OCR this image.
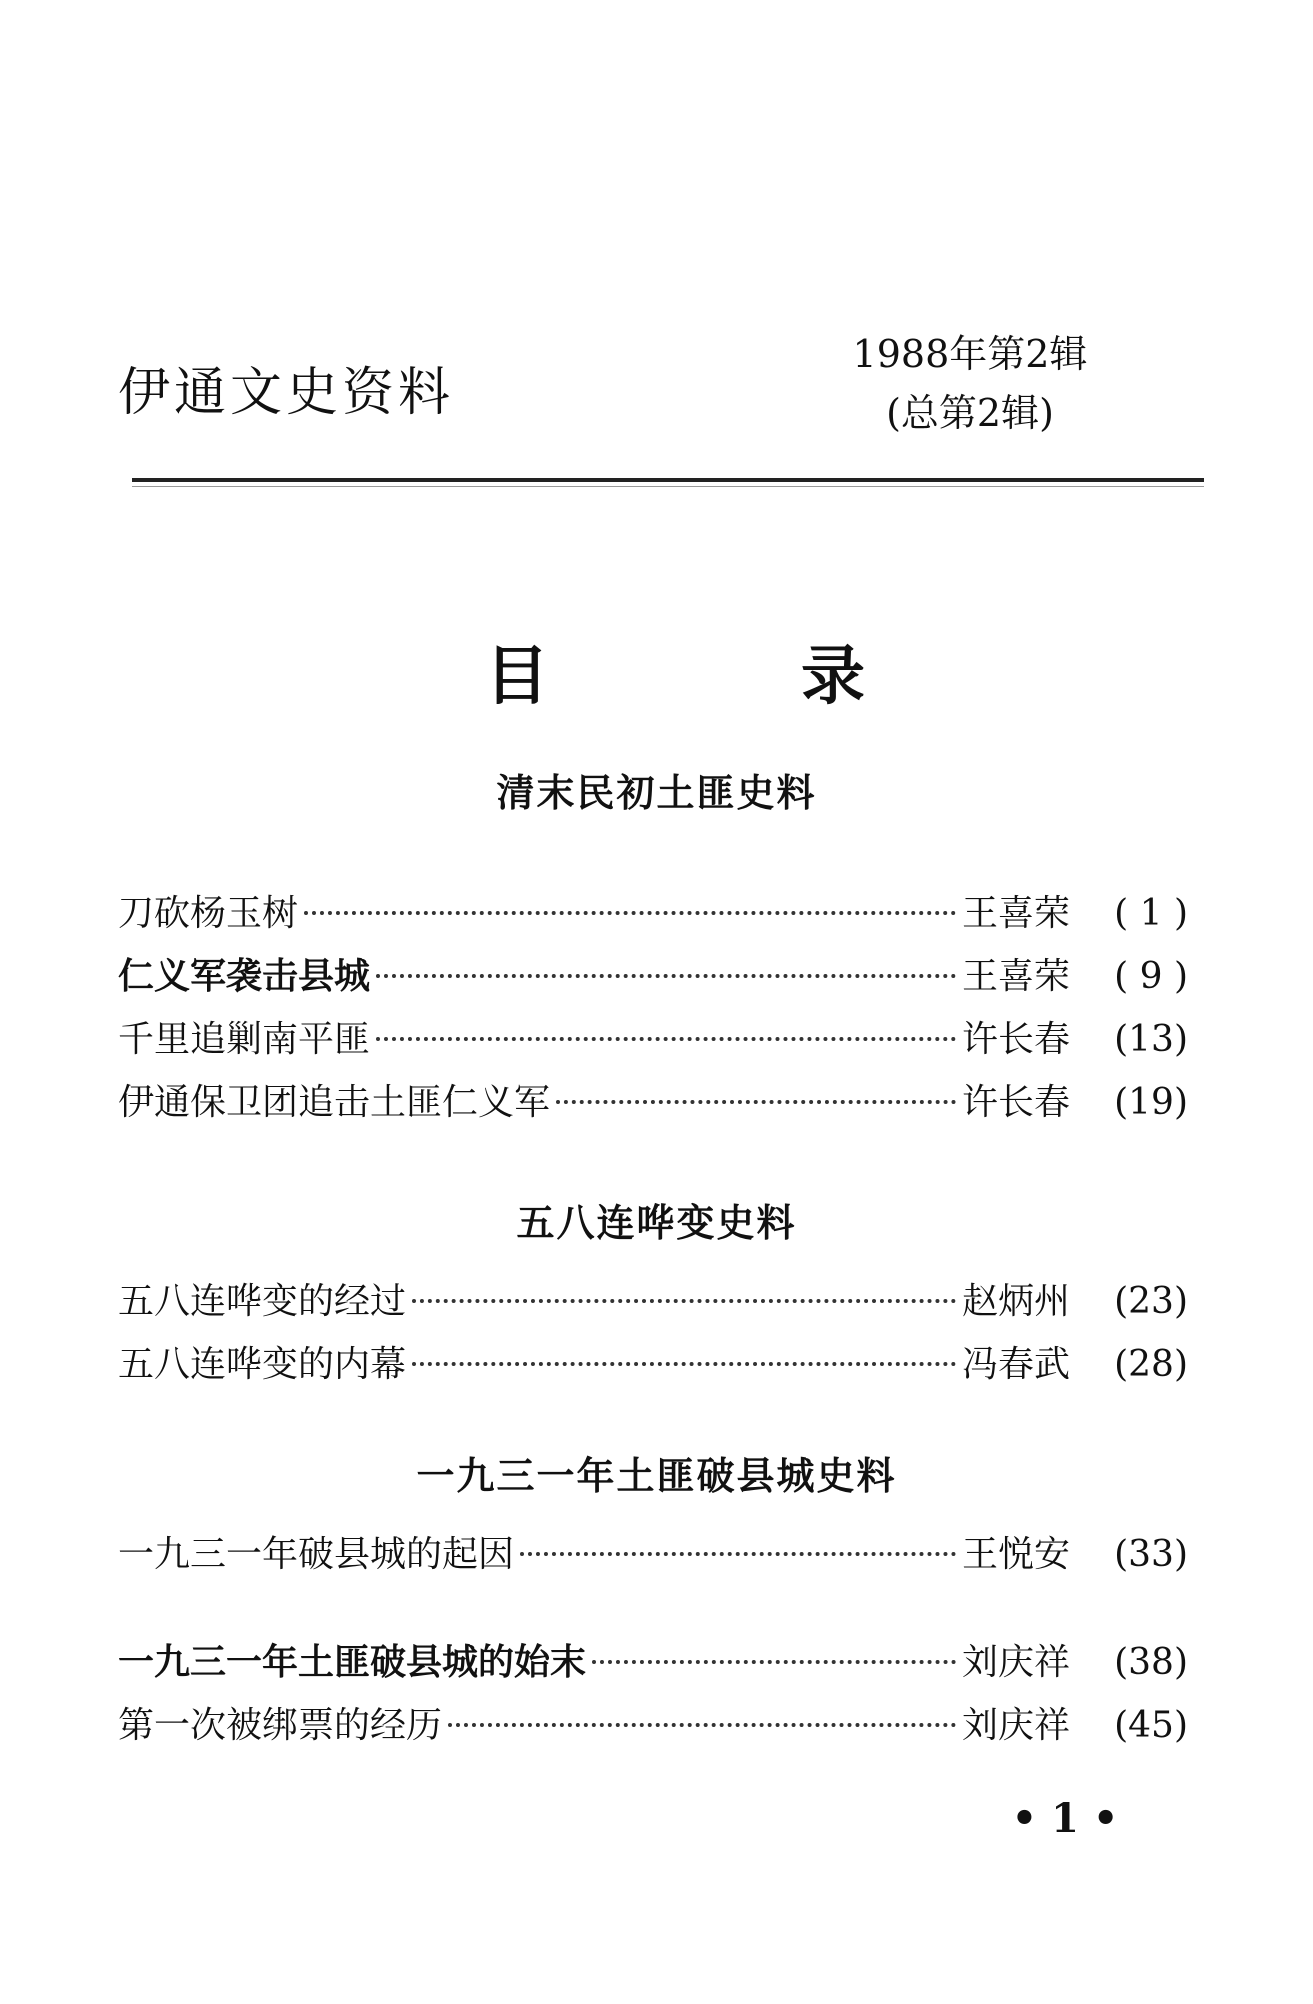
伊通文史资料
1988年第2辑
(总第2辑)
目	录
清末民初土匪史料
刀砍杨玉树	王喜荣	( 1 )
仁义军袭击县城	王喜荣	( 9 )
千里追剿南平匪	许长春	(13)
伊通保卫团追击土匪仁义军	许长春	(19)
五八连哗变史料
五八连哗变的经过	赵炳州	(23)
五八连哗变的内幕	冯春武	(28)
一九三一年土匪破县城史料
一九三一年破县城的起因	王悦安	(33)
一九三一年土匪破县城的始末	刘庆祥	(38)
第一次被绑票的经历	刘庆祥	(45)
• 1 •
